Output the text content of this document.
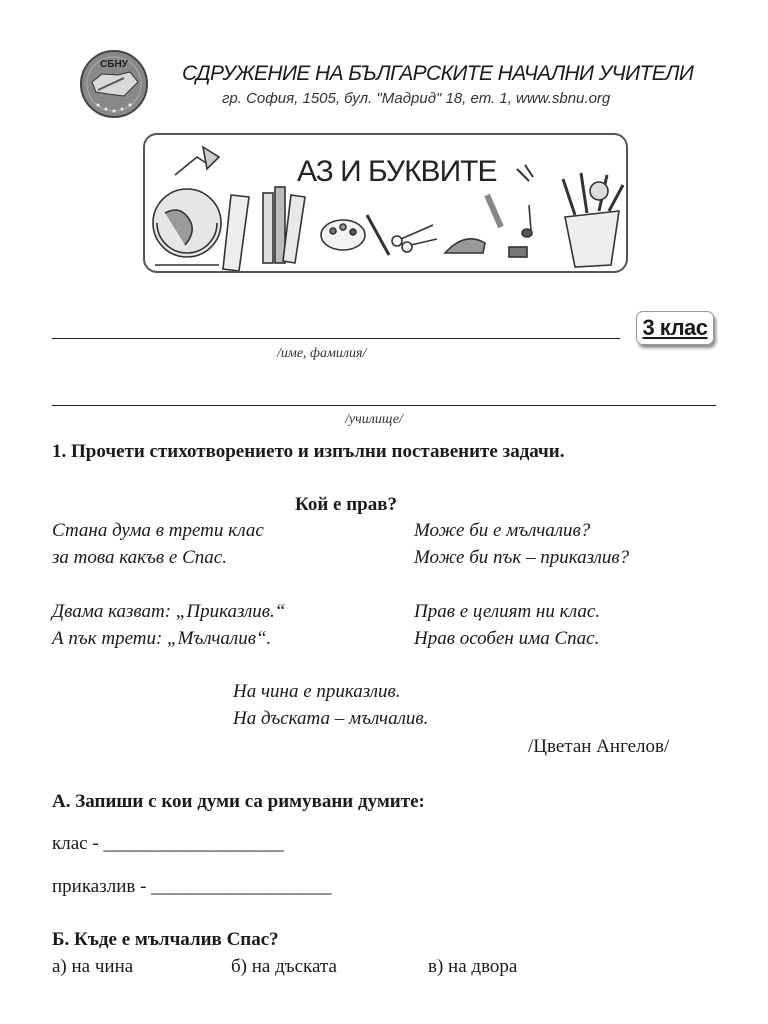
СБНУ	СДРУЖЕНИЕ НА БЪЛГАРСКИТЕ НАЧАЛНИ УЧИТЕЛИ
гр. София, 1505, бул. "Мадрид" 18, ет. 1, www.sbnu.org
АЗ И БУКВИТЕ
3 клас
/име, фамилия/
/училище/
1. Прочети стихотворението и изпълни поставените задачи.
Кой е прав?
Стана дума в трети клас
за това какъв е Спас.
Двама казват: „Приказлив.“
А пък трети: „Мълчалив“.
Може би е мълчалив?
Може би пък – приказлив?
Прав е целият ни клас.
Нрав особен има Спас.
На чина е приказлив.
На дъската – мълчалив.
/Цветан Ангелов/
А. Запиши с кои думи са римувани думите:
клас - ___________________
приказлив - ___________________
Б. Къде е мълчалив Спас?
а) на чина	б) на дъската	в) на двора
